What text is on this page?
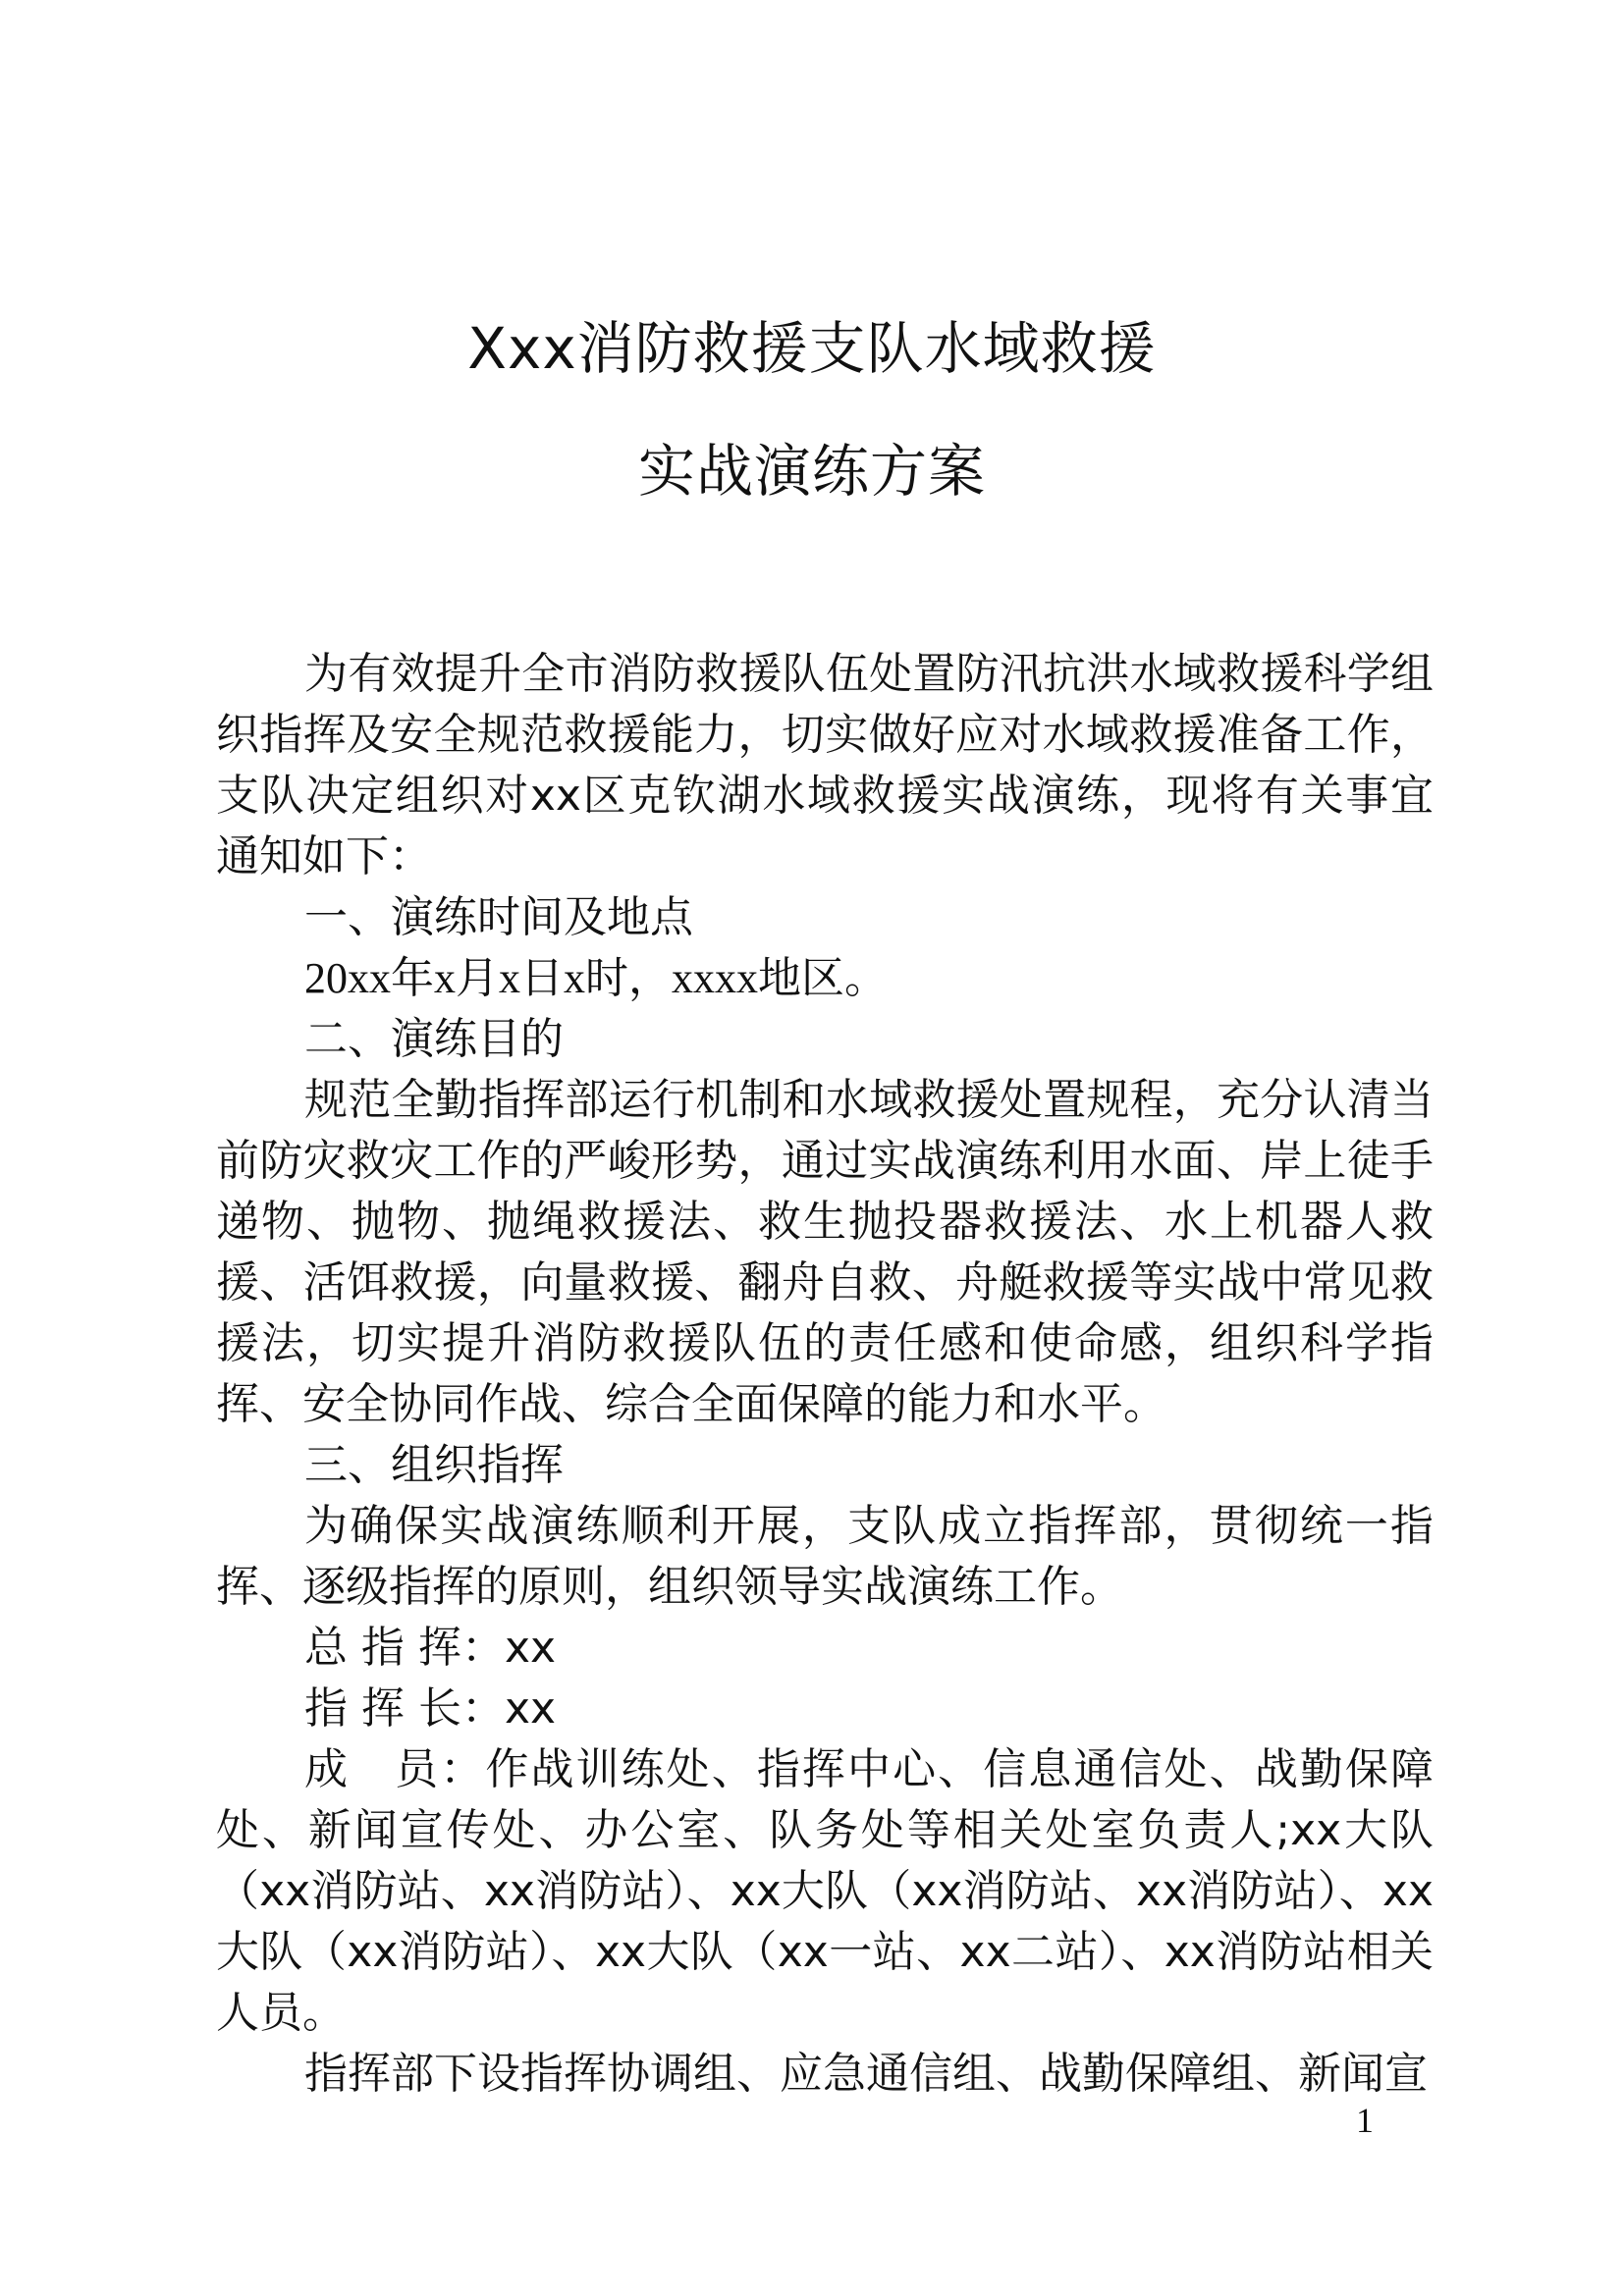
Xxx消防救援支队水域救援
实战演练方案

为有效提升全市消防救援队伍处置防汛抗洪水域救援科学组织指挥及安全规范救援能力，切实做好应对水域救援准备工作，支队决定组织对xx区克钦湖水域救援实战演练，现将有关事宜通知如下：

一、演练时间及地点

20xx年x月x日x时，xxxx地区。

二、演练目的

规范全勤指挥部运行机制和水域救援处置规程，充分认清当前防灾救灾工作的严峻形势，通过实战演练利用水面、岸上徒手递物、抛物、抛绳救援法、救生抛投器救援法、水上机器人救援、活饵救援，向量救援、翻舟自救、舟艇救援等实战中常见救援法，切实提升消防救援队伍的责任感和使命感，组织科学指挥、安全协同作战、综合全面保障的能力和水平。

三、组织指挥

为确保实战演练顺利开展，支队成立指挥部，贯彻统一指挥、逐级指挥的原则，组织领导实战演练工作。

总 指 挥：xx

指 挥 长：xx

成　员：作战训练处、指挥中心、信息通信处、战勤保障处、新闻宣传处、办公室、队务处等相关处室负责人;xx大队（xx消防站、xx消防站）、xx大队（xx消防站、xx消防站）、xx大队（xx消防站）、xx大队（xx一站、xx二站）、xx消防站相关人员。

指挥部下设指挥协调组、应急通信组、战勤保障组、新闻宣

1
